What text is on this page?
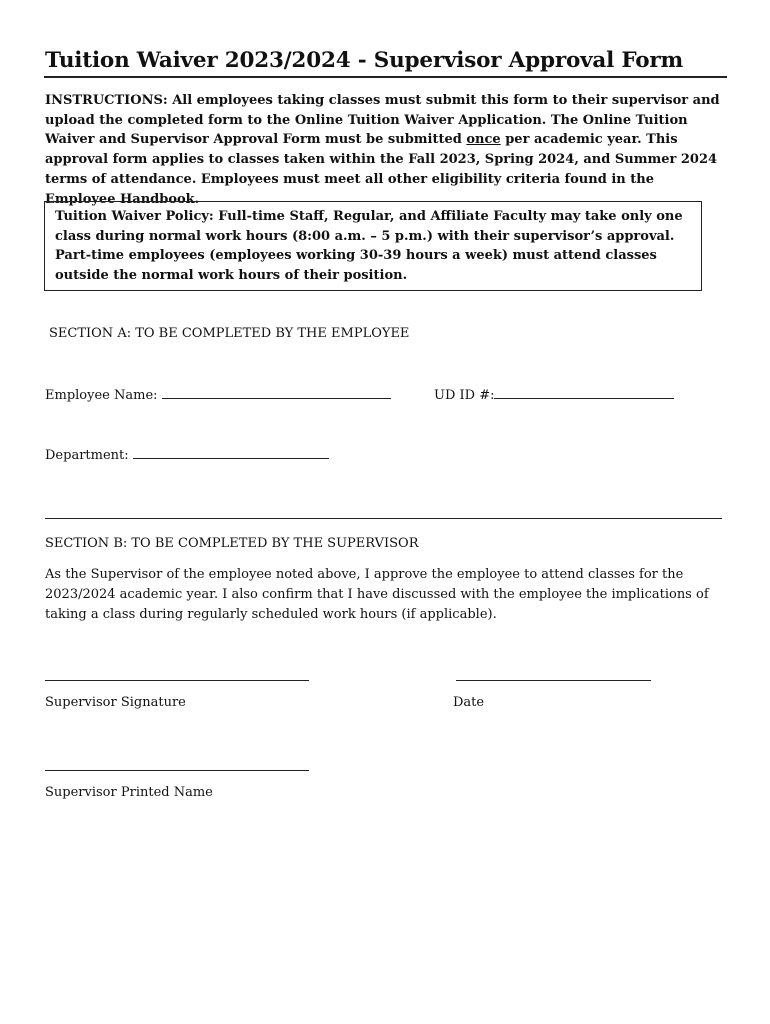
Tuition Waiver 2023/2024 - Supervisor Approval Form
INSTRUCTIONS: All employees taking classes must submit this form to their supervisor and upload the completed form to the Online Tuition Waiver Application. The Online Tuition Waiver and Supervisor Approval Form must be submitted once per academic year. This approval form applies to classes taken within the Fall 2023, Spring 2024, and Summer 2024 terms of attendance. Employees must meet all other eligibility criteria found in the Employee Handbook.
Tuition Waiver Policy: Full-time Staff, Regular, and Affiliate Faculty may take only one class during normal work hours (8:00 a.m. – 5 p.m.) with their supervisor’s approval. Part-time employees (employees working 30-39 hours a week) must attend classes outside the normal work hours of their position.
SECTION A: TO BE COMPLETED BY THE EMPLOYEE
Employee Name:	UD ID #:
Department:
SECTION B: TO BE COMPLETED BY THE SUPERVISOR
As the Supervisor of the employee noted above, I approve the employee to attend classes for the 2023/2024 academic year. I also confirm that I have discussed with the employee the implications of taking a class during regularly scheduled work hours (if applicable).
Supervisor Signature	Date
Supervisor Printed Name
